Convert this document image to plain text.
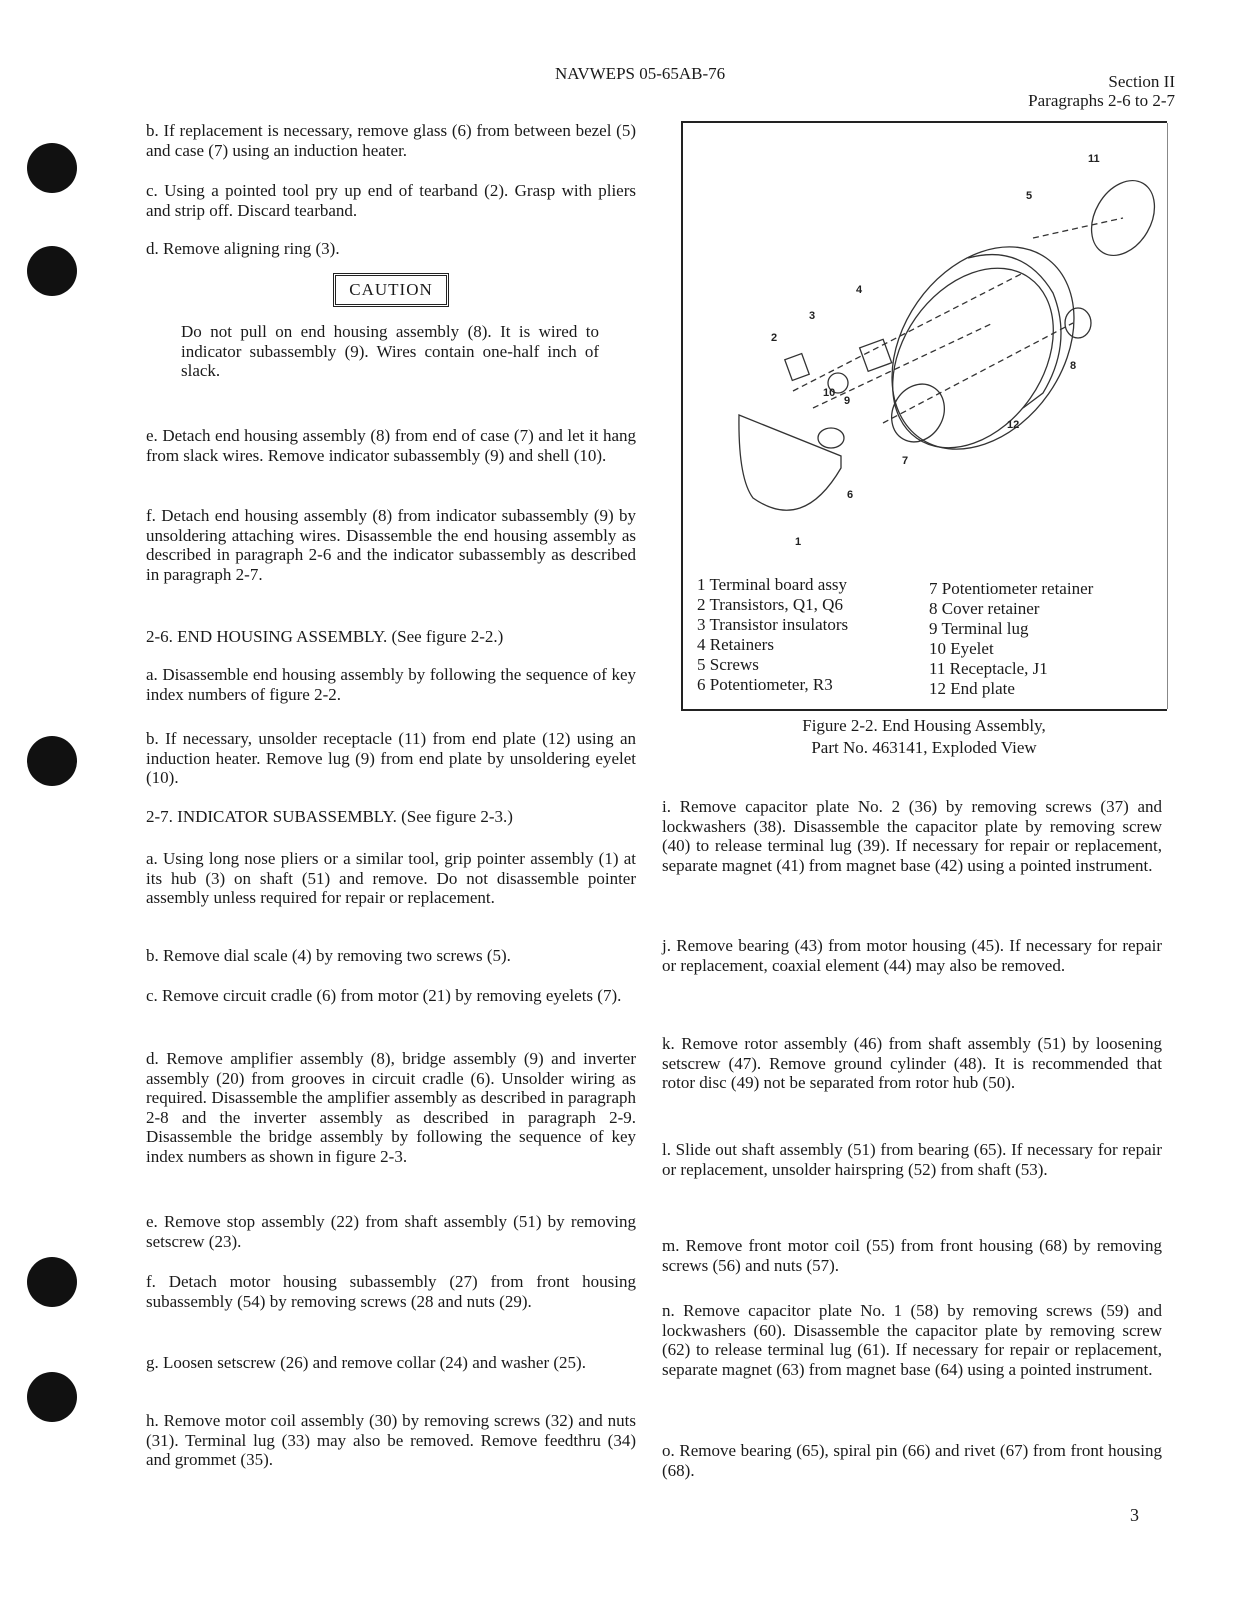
NAVWEPS 05-65AB-76	Section II
Paragraphs 2-6 to 2-7

b. If replacement is necessary, remove glass (6) from between bezel (5) and case (7) using an induction heater.

c. Using a pointed tool pry up end of tearband (2). Grasp with pliers and strip off. Discard tearband.

d. Remove aligning ring (3).

CAUTION

Do not pull on end housing assembly (8). It is wired to indicator subassembly (9). Wires contain one-half inch of slack.

e. Detach end housing assembly (8) from end of case (7) and let it hang from slack wires. Remove indicator subassembly (9) and shell (10).

f. Detach end housing assembly (8) from indicator subassembly (9) by unsoldering attaching wires. Disassemble the end housing assembly as described in paragraph 2-6 and the indicator subassembly as described in paragraph 2-7.

2-6. END HOUSING ASSEMBLY. (See figure 2-2.)

a. Disassemble end housing assembly by following the sequence of key index numbers of figure 2-2.

b. If necessary, unsolder receptacle (11) from end plate (12) using an induction heater. Remove lug (9) from end plate by unsoldering eyelet (10).

2-7. INDICATOR SUBASSEMBLY. (See figure 2-3.)

a. Using long nose pliers or a similar tool, grip pointer assembly (1) at its hub (3) on shaft (51) and remove. Do not disassemble pointer assembly unless required for repair or replacement.

b. Remove dial scale (4) by removing two screws (5).

c. Remove circuit cradle (6) from motor (21) by removing eyelets (7).

d. Remove amplifier assembly (8), bridge assembly (9) and inverter assembly (20) from grooves in circuit cradle (6). Unsolder wiring as required. Disassemble the amplifier assembly as described in paragraph 2-8 and the inverter assembly as described in paragraph 2-9. Disassemble the bridge assembly by following the sequence of key index numbers as shown in figure 2-3.

e. Remove stop assembly (22) from shaft assembly (51) by removing setscrew (23).

f. Detach motor housing subassembly (27) from front housing subassembly (54) by removing screws (28 and nuts (29).

g. Loosen setscrew (26) and remove collar (24) and washer (25).

h. Remove motor coil assembly (30) by removing screws (32) and nuts (31). Terminal lug (33) may also be removed. Remove feedthru (34) and grommet (35).

1
2
3
4
5
6
7
8
9
10
11
12
1 Terminal board assy
2 Transistors, Q1, Q6
3 Transistor insulators
4 Retainers
5 Screws
6 Potentiometer, R3
7 Potentiometer retainer
8 Cover retainer
9 Terminal lug
10 Eyelet
11 Receptacle, J1
12 End plate
Figure 2-2. End Housing Assembly,
Part No. 463141, Exploded View

i. Remove capacitor plate No. 2 (36) by removing screws (37) and lockwashers (38). Disassemble the capacitor plate by removing screw (40) to release terminal lug (39). If necessary for repair or replacement, separate magnet (41) from magnet base (42) using a pointed instrument.

j. Remove bearing (43) from motor housing (45). If necessary for repair or replacement, coaxial element (44) may also be removed.

k. Remove rotor assembly (46) from shaft assembly (51) by loosening setscrew (47). Remove ground cylinder (48). It is recommended that rotor disc (49) not be separated from rotor hub (50).

l. Slide out shaft assembly (51) from bearing (65). If necessary for repair or replacement, unsolder hairspring (52) from shaft (53).

m. Remove front motor coil (55) from front housing (68) by removing screws (56) and nuts (57).

n. Remove capacitor plate No. 1 (58) by removing screws (59) and lockwashers (60). Disassemble the capacitor plate by removing screw (62) to release terminal lug (61). If necessary for repair or replacement, separate magnet (63) from magnet base (64) using a pointed instrument.

o. Remove bearing (65), spiral pin (66) and rivet (67) from front housing (68).

3
